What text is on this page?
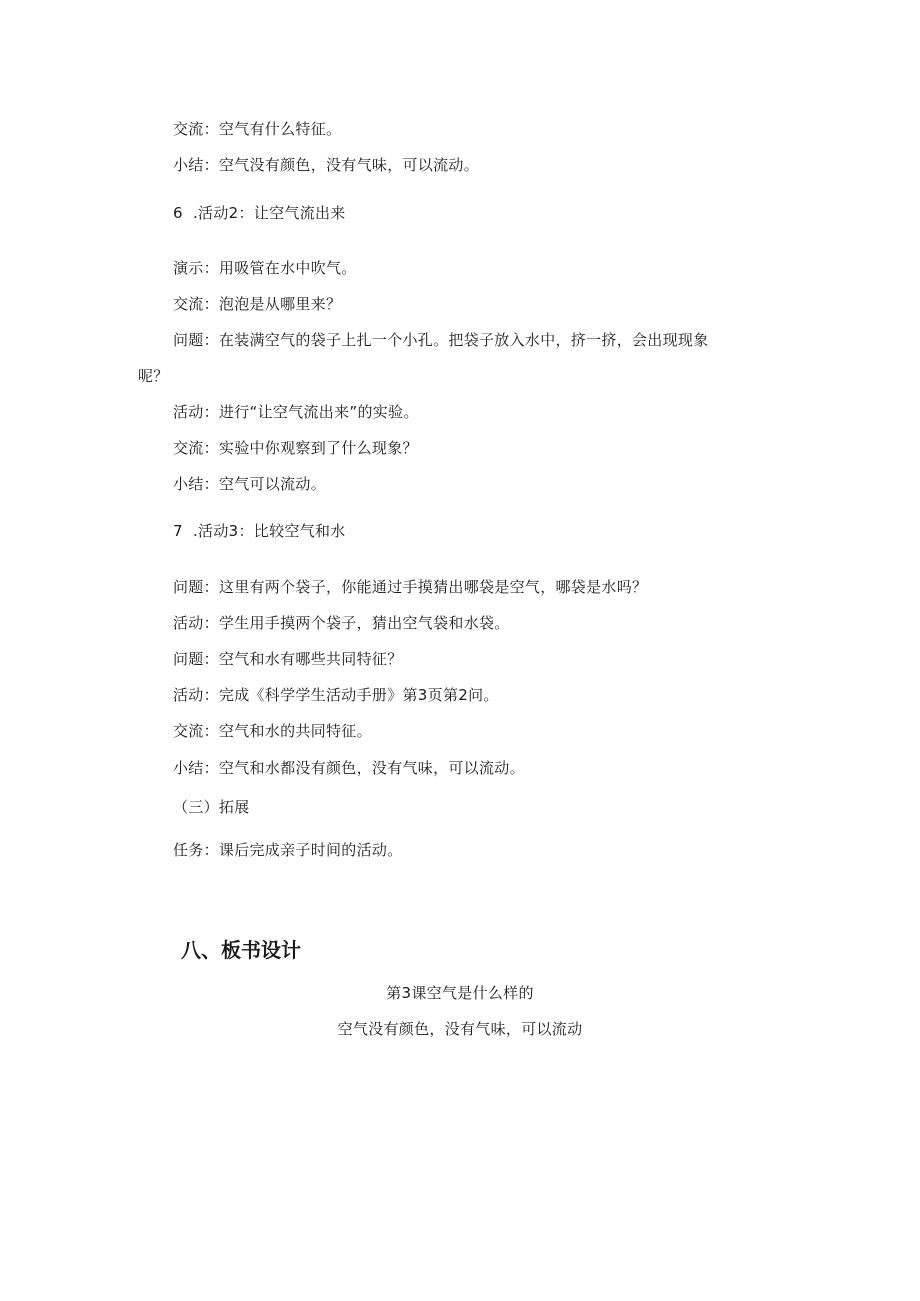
交流：空气有什么特征。
小结：空气没有颜色，没有气味，可以流动。
6  .活动2：让空气流出来
演示：用吸管在水中吹气。
交流：泡泡是从哪里来？
问题：在装满空气的袋子上扎一个小孔。把袋子放入水中，挤一挤，会出现现象
呢？
活动：进行“让空气流出来”的实验。
交流：实验中你观察到了什么现象？
小结：空气可以流动。
7  .活动3：比较空气和水
问题：这里有两个袋子，你能通过手摸猜出哪袋是空气，哪袋是水吗？
活动：学生用手摸两个袋子，猜出空气袋和水袋。
问题：空气和水有哪些共同特征？
活动：完成《科学学生活动手册》第3页第2问。
交流：空气和水的共同特征。
小结：空气和水都没有颜色，没有气味，可以流动。
（三）拓展
任务：课后完成亲子时间的活动。
八、板书设计
第3课空气是什么样的
空气没有颜色，没有气味，可以流动
